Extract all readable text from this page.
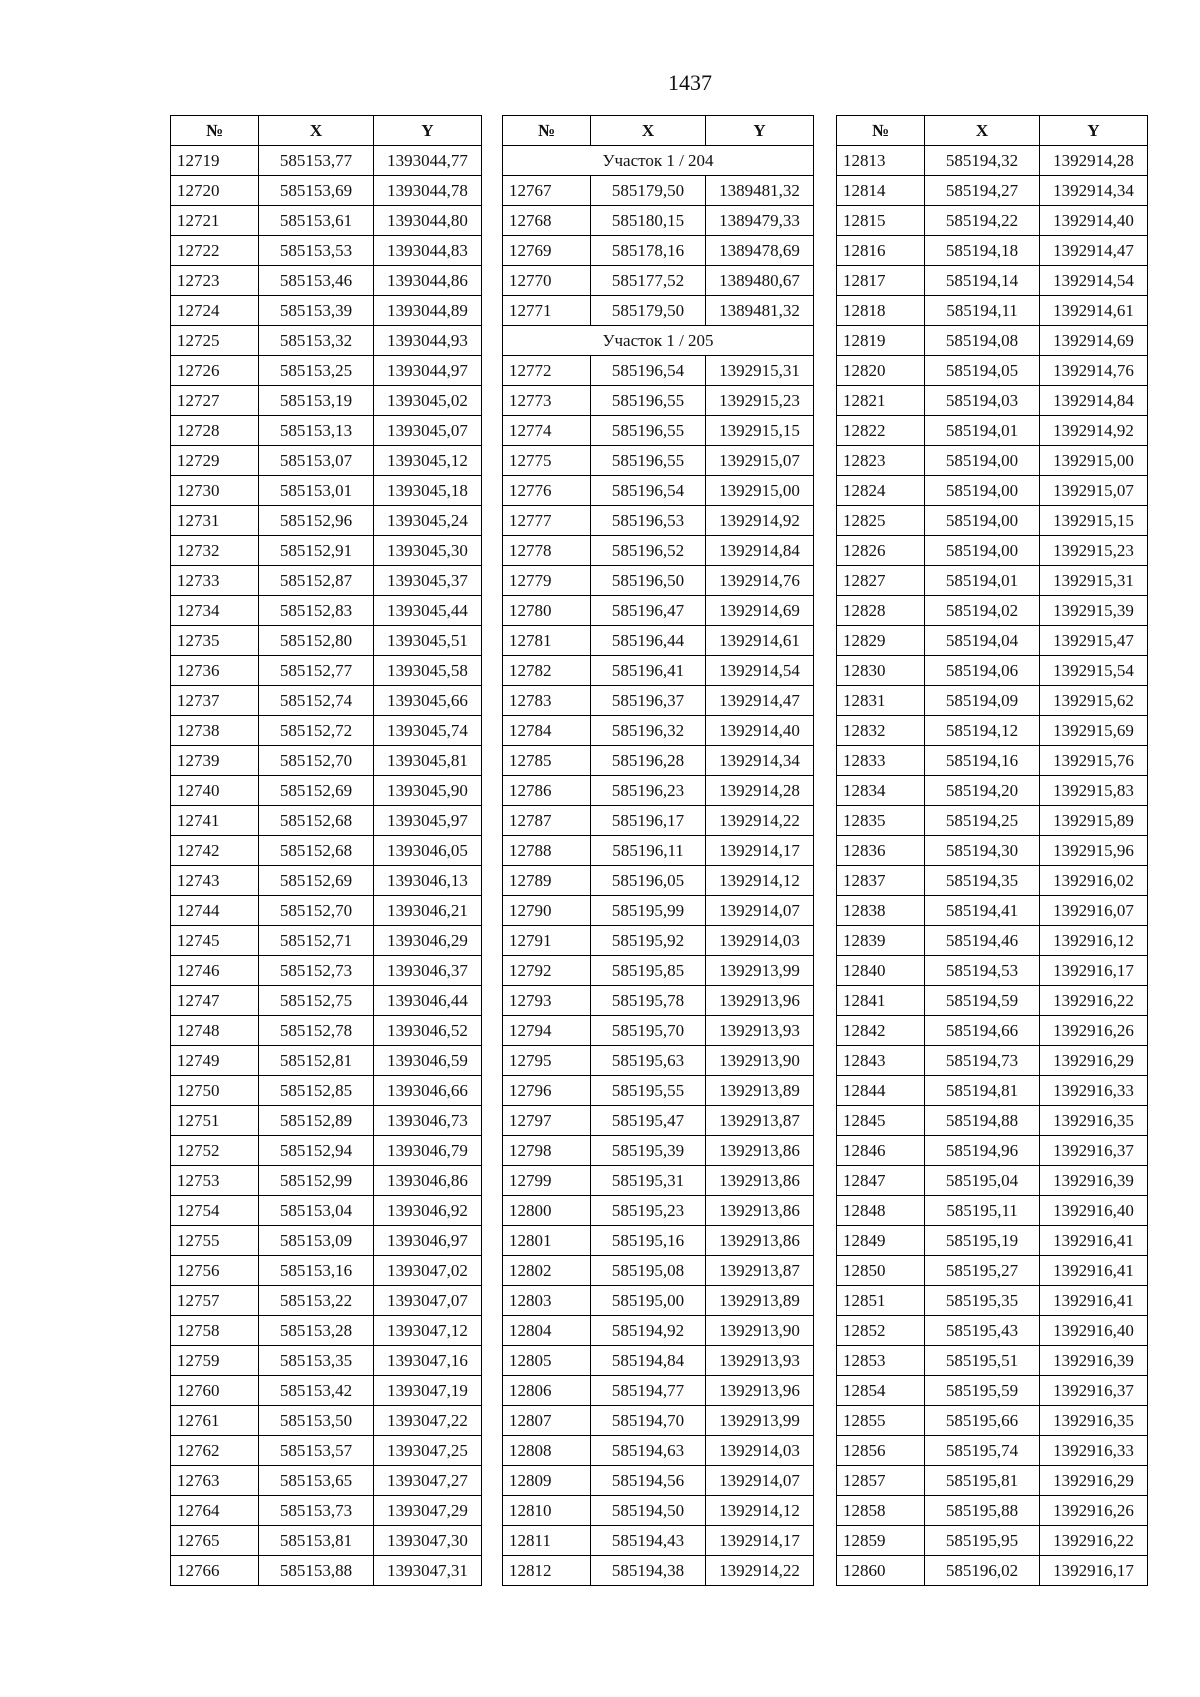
1437
№	X	Y
12719	585153,77	1393044,77
12720	585153,69	1393044,78
12721	585153,61	1393044,80
12722	585153,53	1393044,83
12723	585153,46	1393044,86
12724	585153,39	1393044,89
12725	585153,32	1393044,93
12726	585153,25	1393044,97
12727	585153,19	1393045,02
12728	585153,13	1393045,07
12729	585153,07	1393045,12
12730	585153,01	1393045,18
12731	585152,96	1393045,24
12732	585152,91	1393045,30
12733	585152,87	1393045,37
12734	585152,83	1393045,44
12735	585152,80	1393045,51
12736	585152,77	1393045,58
12737	585152,74	1393045,66
12738	585152,72	1393045,74
12739	585152,70	1393045,81
12740	585152,69	1393045,90
12741	585152,68	1393045,97
12742	585152,68	1393046,05
12743	585152,69	1393046,13
12744	585152,70	1393046,21
12745	585152,71	1393046,29
12746	585152,73	1393046,37
12747	585152,75	1393046,44
12748	585152,78	1393046,52
12749	585152,81	1393046,59
12750	585152,85	1393046,66
12751	585152,89	1393046,73
12752	585152,94	1393046,79
12753	585152,99	1393046,86
12754	585153,04	1393046,92
12755	585153,09	1393046,97
12756	585153,16	1393047,02
12757	585153,22	1393047,07
12758	585153,28	1393047,12
12759	585153,35	1393047,16
12760	585153,42	1393047,19
12761	585153,50	1393047,22
12762	585153,57	1393047,25
12763	585153,65	1393047,27
12764	585153,73	1393047,29
12765	585153,81	1393047,30
12766	585153,88	1393047,31
№	X	Y
Участок 1 / 204		
12767	585179,50	1389481,32
12768	585180,15	1389479,33
12769	585178,16	1389478,69
12770	585177,52	1389480,67
12771	585179,50	1389481,32
Участок 1 / 205		
12772	585196,54	1392915,31
12773	585196,55	1392915,23
12774	585196,55	1392915,15
12775	585196,55	1392915,07
12776	585196,54	1392915,00
12777	585196,53	1392914,92
12778	585196,52	1392914,84
12779	585196,50	1392914,76
12780	585196,47	1392914,69
12781	585196,44	1392914,61
12782	585196,41	1392914,54
12783	585196,37	1392914,47
12784	585196,32	1392914,40
12785	585196,28	1392914,34
12786	585196,23	1392914,28
12787	585196,17	1392914,22
12788	585196,11	1392914,17
12789	585196,05	1392914,12
12790	585195,99	1392914,07
12791	585195,92	1392914,03
12792	585195,85	1392913,99
12793	585195,78	1392913,96
12794	585195,70	1392913,93
12795	585195,63	1392913,90
12796	585195,55	1392913,89
12797	585195,47	1392913,87
12798	585195,39	1392913,86
12799	585195,31	1392913,86
12800	585195,23	1392913,86
12801	585195,16	1392913,86
12802	585195,08	1392913,87
12803	585195,00	1392913,89
12804	585194,92	1392913,90
12805	585194,84	1392913,93
12806	585194,77	1392913,96
12807	585194,70	1392913,99
12808	585194,63	1392914,03
12809	585194,56	1392914,07
12810	585194,50	1392914,12
12811	585194,43	1392914,17
12812	585194,38	1392914,22
№	X	Y
12813	585194,32	1392914,28
12814	585194,27	1392914,34
12815	585194,22	1392914,40
12816	585194,18	1392914,47
12817	585194,14	1392914,54
12818	585194,11	1392914,61
12819	585194,08	1392914,69
12820	585194,05	1392914,76
12821	585194,03	1392914,84
12822	585194,01	1392914,92
12823	585194,00	1392915,00
12824	585194,00	1392915,07
12825	585194,00	1392915,15
12826	585194,00	1392915,23
12827	585194,01	1392915,31
12828	585194,02	1392915,39
12829	585194,04	1392915,47
12830	585194,06	1392915,54
12831	585194,09	1392915,62
12832	585194,12	1392915,69
12833	585194,16	1392915,76
12834	585194,20	1392915,83
12835	585194,25	1392915,89
12836	585194,30	1392915,96
12837	585194,35	1392916,02
12838	585194,41	1392916,07
12839	585194,46	1392916,12
12840	585194,53	1392916,17
12841	585194,59	1392916,22
12842	585194,66	1392916,26
12843	585194,73	1392916,29
12844	585194,81	1392916,33
12845	585194,88	1392916,35
12846	585194,96	1392916,37
12847	585195,04	1392916,39
12848	585195,11	1392916,40
12849	585195,19	1392916,41
12850	585195,27	1392916,41
12851	585195,35	1392916,41
12852	585195,43	1392916,40
12853	585195,51	1392916,39
12854	585195,59	1392916,37
12855	585195,66	1392916,35
12856	585195,74	1392916,33
12857	585195,81	1392916,29
12858	585195,88	1392916,26
12859	585195,95	1392916,22
12860	585196,02	1392916,17
